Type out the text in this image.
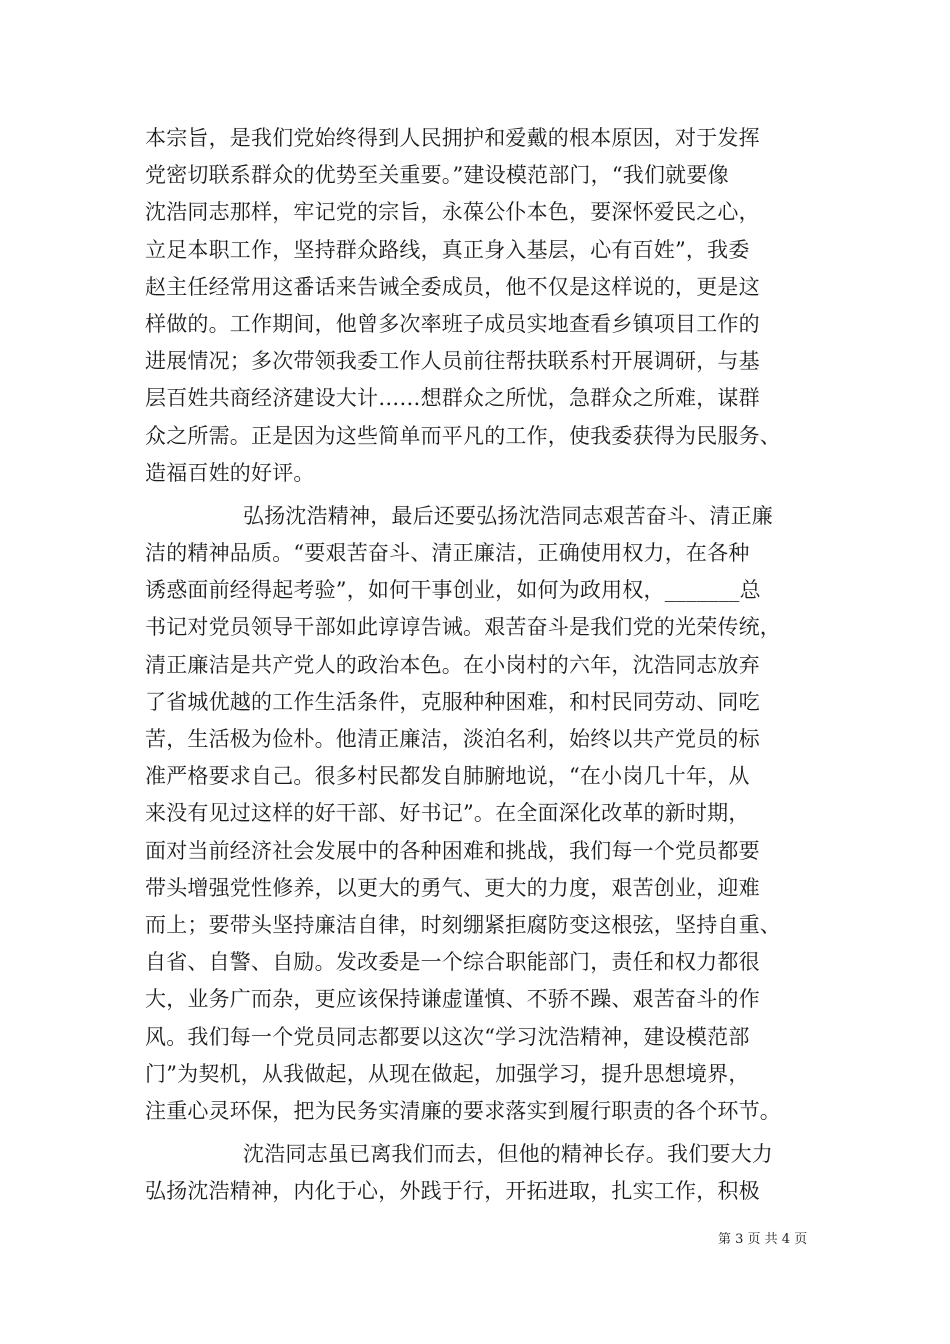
本宗旨，是我们党始终得到人民拥护和爱戴的根本原因，对于发挥
党密切联系群众的优势至关重要。”建设模范部门，“我们就要像
沈浩同志那样，牢记党的宗旨，永葆公仆本色，要深怀爱民之心，
立足本职工作，坚持群众路线，真正身入基层，心有百姓”，我委
赵主任经常用这番话来告诫全委成员，他不仅是这样说的，更是这
样做的。工作期间，他曾多次率班子成员实地查看乡镇项目工作的
进展情况；多次带领我委工作人员前往帮扶联系村开展调研，与基
层百姓共商经济建设大计……想群众之所忧，急群众之所难，谋群
众之所需。正是因为这些简单而平凡的工作，使我委获得为民服务、
造福百姓的好评。
弘扬沈浩精神，最后还要弘扬沈浩同志艰苦奋斗、清正廉
洁的精神品质。“要艰苦奋斗、清正廉洁，正确使用权力，在各种
诱惑面前经得起考验”，如何干事创业，如何为政用权，_______总
书记对党员领导干部如此谆谆告诫。艰苦奋斗是我们党的光荣传统，
清正廉洁是共产党人的政治本色。在小岗村的六年，沈浩同志放弃
了省城优越的工作生活条件，克服种种困难，和村民同劳动、同吃
苦，生活极为俭朴。他清正廉洁，淡泊名利，始终以共产党员的标
准严格要求自己。很多村民都发自肺腑地说，“在小岗几十年，从
来没有见过这样的好干部、好书记”。在全面深化改革的新时期，
面对当前经济社会发展中的各种困难和挑战，我们每一个党员都要
带头增强党性修养，以更大的勇气、更大的力度，艰苦创业，迎难
而上；要带头坚持廉洁自律，时刻绷紧拒腐防变这根弦，坚持自重、
自省、自警、自励。发改委是一个综合职能部门，责任和权力都很
大，业务广而杂，更应该保持谦虚谨慎、不骄不躁、艰苦奋斗的作
风。我们每一个党员同志都要以这次“学习沈浩精神，建设模范部
门”为契机，从我做起，从现在做起，加强学习，提升思想境界，
注重心灵环保，把为民务实清廉的要求落实到履行职责的各个环节。
沈浩同志虽已离我们而去，但他的精神长存。我们要大力
弘扬沈浩精神，内化于心，外践于行，开拓进取，扎实工作，积极
第 3 页 共 4 页
